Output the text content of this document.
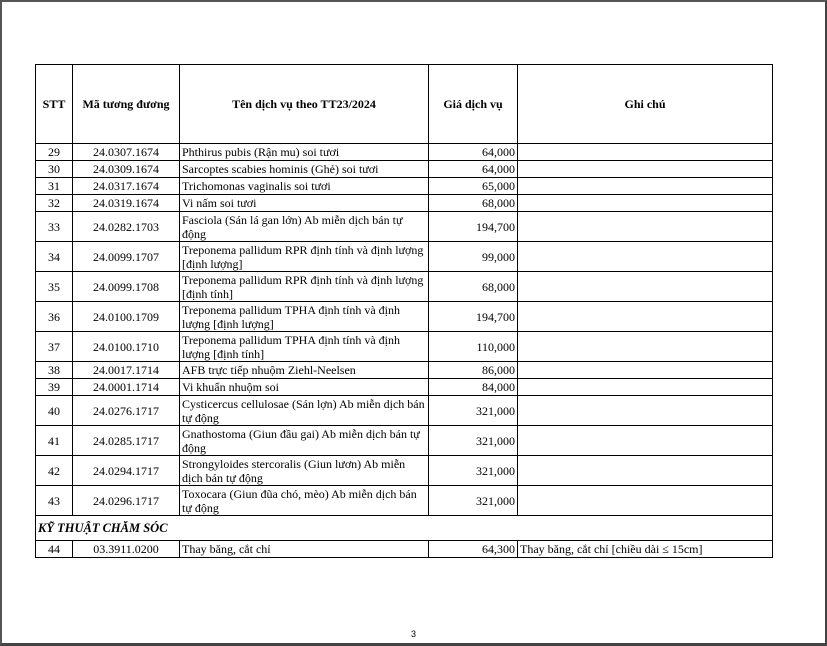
STT	Mã tương đương	Tên dịch vụ theo TT23/2024	Giá dịch vụ	Ghi chú
29	24.0307.1674	Phthirus pubis (Rận mu) soi tươi	64,000	
30	24.0309.1674	Sarcoptes scabies hominis (Ghẻ) soi tươi	64,000	
31	24.0317.1674	Trichomonas vaginalis soi tươi	65,000	
32	24.0319.1674	Vi nấm soi tươi	68,000	
33	24.0282.1703	Fasciola (Sán lá gan lớn) Ab miễn dịch bán tự động	194,700	
34	24.0099.1707	Treponema pallidum RPR định tính và định lượng [định lượng]	99,000	
35	24.0099.1708	Treponema pallidum RPR định tính và định lượng [định tính]	68,000	
36	24.0100.1709	Treponema pallidum TPHA định tính và định lượng [định lượng]	194,700	
37	24.0100.1710	Treponema pallidum TPHA định tính và định lượng [định tính]	110,000	
38	24.0017.1714	AFB trực tiếp nhuộm Ziehl-Neelsen	86,000	
39	24.0001.1714	Vi khuẩn nhuộm soi	84,000	
40	24.0276.1717	Cysticercus cellulosae (Sán lợn) Ab miễn dịch bán tự động	321,000	
41	24.0285.1717	Gnathostoma (Giun đầu gai) Ab miễn dịch bán tự động	321,000	
42	24.0294.1717	Strongyloides stercoralis (Giun lươn) Ab miễn dịch bán tự động	321,000	
43	24.0296.1717	Toxocara (Giun đũa chó, mèo) Ab miễn dịch bán tự động	321,000	
KỸ THUẬT CHĂM SÓC				
44	03.3911.0200	Thay băng, cắt chỉ	64,300	Thay băng, cắt chỉ [chiều dài ≤ 15cm]
3
